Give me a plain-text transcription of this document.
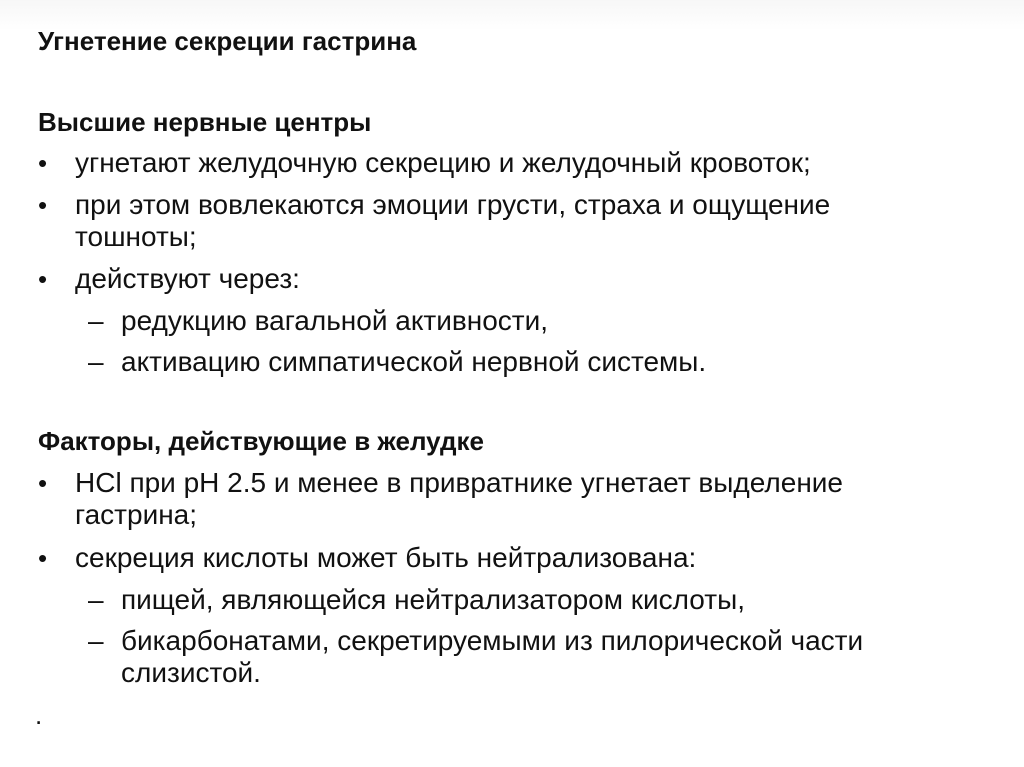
Угнетение секреции гастрина
Высшие нервные центры
• угнетают желудочную секрецию и желудочный кровоток;
• при этом вовлекаются эмоции грусти, страха и ощущение тошноты;
• действуют через:
– редукцию вагальной активности,
– активацию симпатической нервной системы.
Факторы, действующие в желудке
• HCl при pH 2.5 и менее в привратнике угнетает выделение гастрина;
• секреция кислоты может быть нейтрализована:
– пищей, являющейся нейтрализатором кислоты,
– бикарбонатами, секретируемыми из пилорической части слизистой.
.
